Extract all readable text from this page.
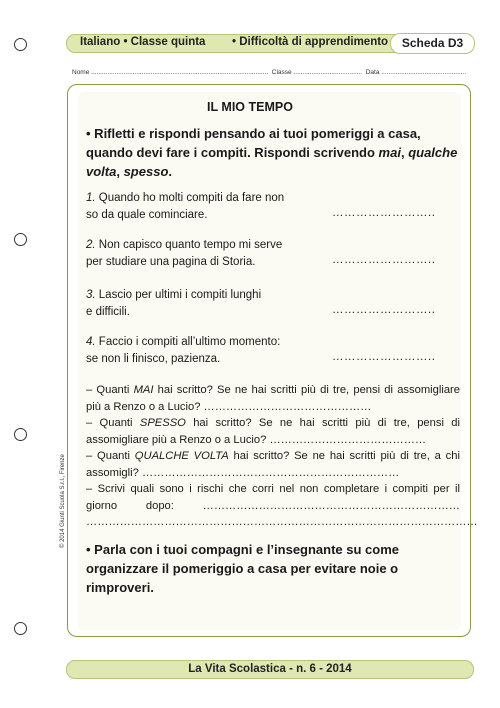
Italiano • Classe quinta • Difficoltà di apprendimento	Scheda D3
Nome .................................................................................................. Classe ...................................... Data ...............................................
IL MIO TEMPO
• Rifletti e rispondi pensando ai tuoi pomeriggi a casa, quando devi fare i compiti. Rispondi scrivendo mai, qualche volta, spesso.
1. Quando ho molti compiti da fare non
so da quale cominciare.	……………………..
2. Non capisco quanto tempo mi serve
per studiare una pagina di Storia.	……………………..
3. Lascio per ultimi i compiti lunghi
e difficili.	……………………..
4. Faccio i compiti all’ultimo momento:
se non li finisco, pazienza.	……………………..
– Quanti MAI hai scritto? Se ne hai scritti più di tre, pensi di assomigliare più a Renzo o a Lucio? ………………………………………
– Quanti SPESSO hai scritto? Se ne hai scritti più di tre, pensi di assomigliare più a Renzo o a Lucio? ……………………………………
– Quanti QUALCHE VOLTA hai scritto? Se ne hai scritti più di tre, a chi assomigli? ……………………………………………………………
– Scrivi quali sono i rischi che corri nel non completare i compiti per il giorno dopo: …………………………………………………………… ……………………………………………………………………………………………
• Parla con i tuoi compagni e l’insegnante su come organizzare il pomeriggio a casa per evitare noie o rimproveri.
© 2014 Giunti Scuola S.r.l., Firenze
La Vita Scolastica - n. 6 - 2014
